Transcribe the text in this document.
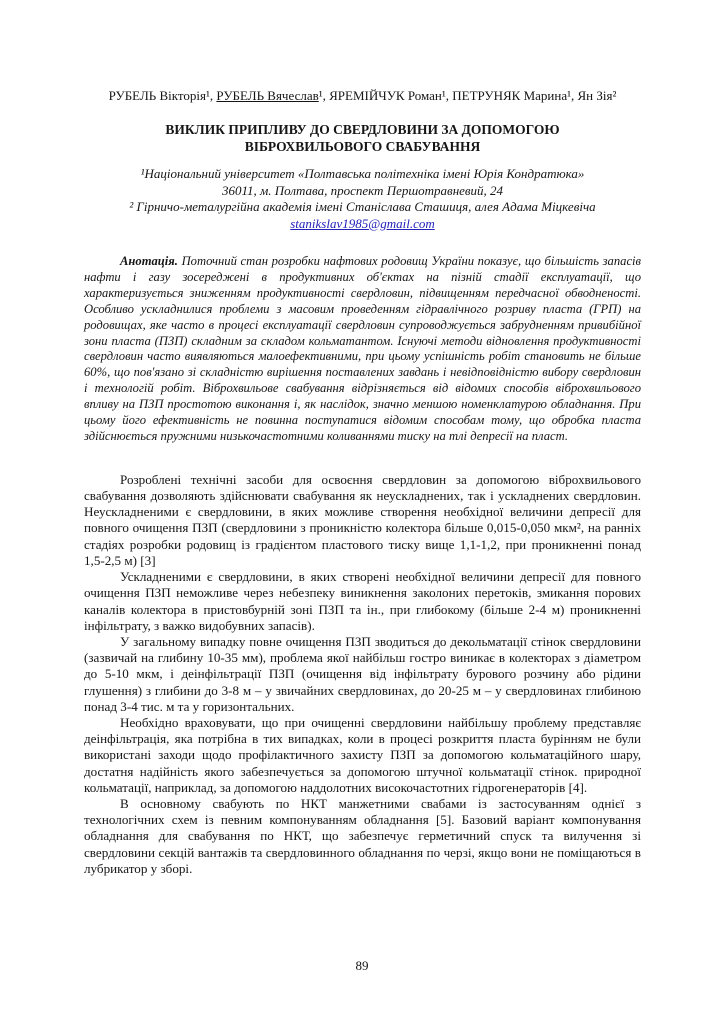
РУБЕЛЬ Вікторія¹, РУБЕЛЬ Вячеслав¹, ЯРЕМІЙЧУК Роман¹, ПЕТРУНЯК Марина¹, Ян Зія²

ВИКЛИК ПРИПЛИВУ ДО СВЕРДЛОВИНИ ЗА ДОПОМОГОЮ ВІБРОХВИЛЬОВОГО СВАБУВАННЯ

¹Національний університет «Полтавська політехніка імені Юрія Кондратюка»

36011, м. Полтава, проспект Першотравневий, 24

² Гірничо-металургійна академія імені Станіслава Сташиця, алея Адама Міцкевіча

stanikslav1985@gmail.com

Анотація. Поточний стан розробки нафтових родовищ України показує, що більшість запасів нафти і газу зосереджені в продуктивних об'єктах на пізній стадії експлуатації, що характеризується зниженням продуктивності свердловин, підвищенням передчасної обводненості. Особливо ускладнилися проблеми з масовим проведенням гідравлічного розриву пласта (ГРП) на родовищах, яке часто в процесі експлуатації свердловин супроводжується забрудненням привибійної зони пласта (ПЗП) складним за складом кольматантом. Існуючі методи відновлення продуктивності свердловин часто виявляються малоефективними, при цьому успішність робіт становить не більше 60%, що пов'язано зі складністю вирішення поставлених завдань і невідповідністю вибору свердловин і технологій робіт. Віброхвильове свабування відрізняється від відомих способів віброхвильового впливу на ПЗП простотою виконання і, як наслідок, значно меншою номенклатурою обладнання. При цьому його ефективність не повинна поступатися відомим способам тому, що обробка пласта здійснюється пружними низькочастотними коливаннями тиску на тлі депресії на пласт.

Розроблені технічні засоби для освоєння свердловин за допомогою віброхвильового свабування дозволяють здійснювати свабування як неускладнених, так і ускладнених свердловин. Неускладненими є свердловини, в яких можливе створення необхідної величини депресії для повного очищення ПЗП (свердловини з проникністю колектора більше 0,015-0,050 мкм², на ранніх стадіях розробки родовищ із градієнтом пластового тиску вище 1,1-1,2, при проникненні понад 1,5-2,5 м) [3]

Ускладненими є свердловини, в яких створені необхідної величини депресії для повного очищення ПЗП неможливе через небезпеку виникнення заколоних перетоків, змикання порових каналів колектора в пристовбурній зоні ПЗП та ін., при глибокому (більше 2-4 м) проникненні інфільтрату, з важко видобувних запасів).

У загальному випадку повне очищення ПЗП зводиться до декольматації стінок свердловини (зазвичай на глибину 10-35 мм), проблема якої найбільш гостро виникає в колекторах з діаметром до 5-10 мкм, і деінфільтрації ПЗП (очищення від інфільтрату бурового розчину або рідини глушення) з глибини до 3-8 м – у звичайних свердловинах, до 20-25 м – у свердловинах глибиною понад 3-4 тис. м та у горизонтальних.

Необхідно враховувати, що при очищенні свердловини найбільшу проблему представляє деінфільтрація, яка потрібна в тих випадках, коли в процесі розкриття пласта бурінням не були використані заходи щодо профілактичного захисту ПЗП за допомогою кольматаційного шару, достатня надійність якого забезпечується за допомогою штучної кольматації стінок. природної кольматації, наприклад, за допомогою наддолотних високочастотних гідрогенераторів [4].

В основному свабують по НКТ манжетними свабами із застосуванням однієї з технологічних схем із певним компонуванням обладнання [5]. Базовий варіант компонування обладнання для свабування по НКТ, що забезпечує герметичний спуск та вилучення зі свердловини секцій вантажів та свердловинного обладнання по черзі, якщо вони не поміщаються в лубрикатор у зборі.

89
